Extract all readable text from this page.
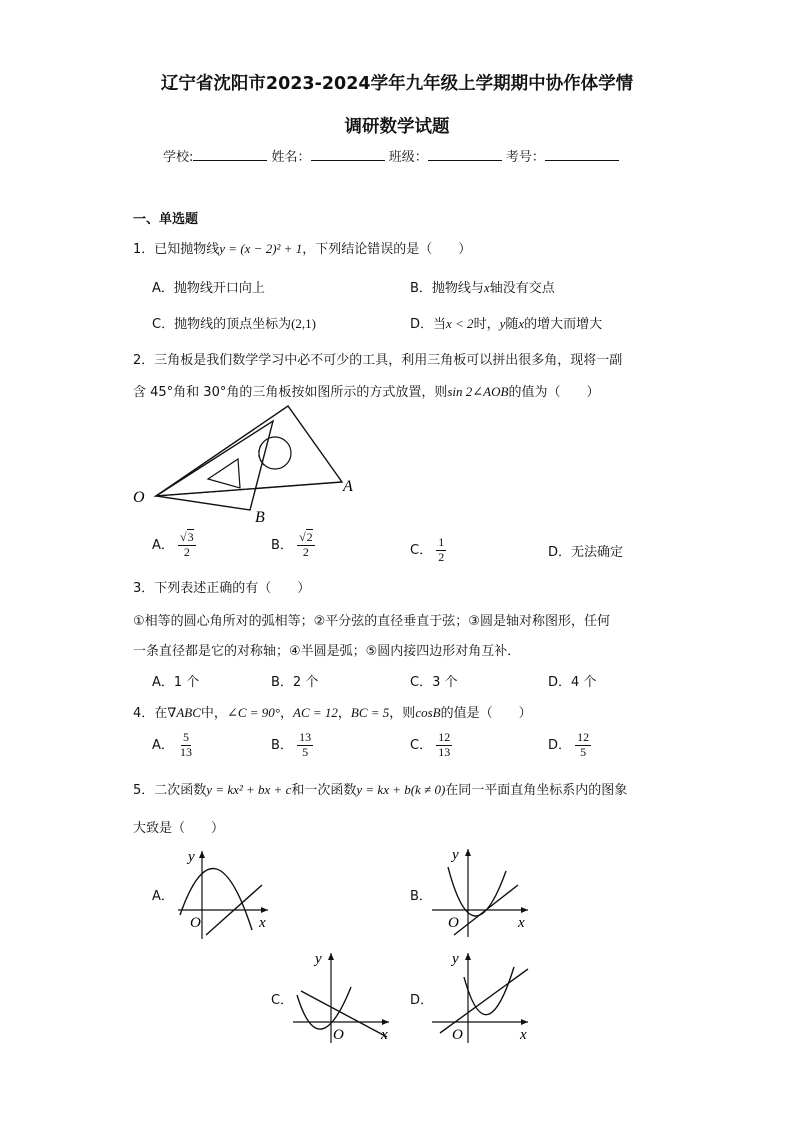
辽宁省沈阳市2023-2024学年九年级上学期期中协作体学情
调研数学试题
学校:	姓名：	班级：	考号：
一、单选题
1．已知抛物线y = (x − 2)² + 1，下列结论错误的是（　　）
A．抛物线开口向上	B．抛物线与x轴没有交点
C．抛物线的顶点坐标为(2,1)	D．当x < 2时，y随x的增大而增大
2．三角板是我们数学学习中必不可少的工具，利用三角板可以拼出很多角，现将一副
含 45°角和 30°角的三角板按如图所示的方式放置，则sin 2∠AOB的值为（　　）
O
A
B
A． $\frac{√3}{2}$	B． $\frac{√2}{2}$	C． $\frac{1}{2}$	D．无法确定
3．下列表述正确的有（　　）
①相等的圆心角所对的弧相等；②平分弦的直径垂直于弦；③圆是轴对称图形，任何
一条直径都是它的对称轴；④半圆是弧；⑤圆内接四边形对角互补．
A．1 个	B．2 个	C．3 个	D．4 个
4．在∇ABC中，∠C = 90°，AC = 12，BC = 5，则cosB的值是（　　）
A． $\frac{5}{13}$	B． $\frac{13}{5}$	C． $\frac{12}{13}$	D． $\frac{12}{5}$
5．二次函数y = kx² + bx + c和一次函数y = kx + b(k ≠ 0)在同一平面直角坐标系内的图象
大致是（　　）
A．
y
x
O
B．
y
x
O
C．
y
x
O
D．
y
x
O
